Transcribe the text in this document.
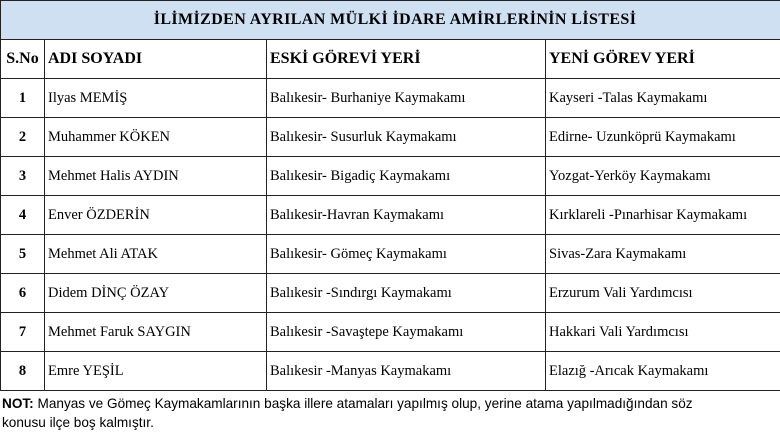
İLİMİZDEN AYRILAN MÜLKİ İDARE AMİRLERİNİN LİSTESİ			
S.No	ADI SOYADI	ESKİ GÖREVİ YERİ	YENİ GÖREV YERİ
1	Ilyas MEMİŞ	Balıkesir- Burhaniye Kaymakamı	Kayseri -Talas Kaymakamı
2	Muhammer KÖKEN	Balıkesir- Susurluk Kaymakamı	Edirne- Uzunköprü Kaymakamı
3	Mehmet Halis AYDIN	Balıkesir- Bigadiç Kaymakamı	Yozgat-Yerköy Kaymakamı
4	Enver ÖZDERİN	Balıkesir-Havran Kaymakamı	Kırklareli -Pınarhisar Kaymakamı
5	Mehmet Ali ATAK	Balıkesir- Gömeç Kaymakamı	Sivas-Zara Kaymakamı
6	Didem DİNÇ ÖZAY	Balıkesir -Sındırgı Kaymakamı	Erzurum Vali Yardımcısı
7	Mehmet Faruk SAYGIN	Balıkesir -Savaştepe Kaymakamı	Hakkari Vali Yardımcısı
8	Emre YEŞİL	Balıkesir -Manyas Kaymakamı	Elazığ -Arıcak Kaymakamı
NOT: Manyas ve Gömeç Kaymakamlarının başka illere atamaları yapılmış olup, yerine atama yapılmadığından söz
konusu ilçe boş kalmıştır.
